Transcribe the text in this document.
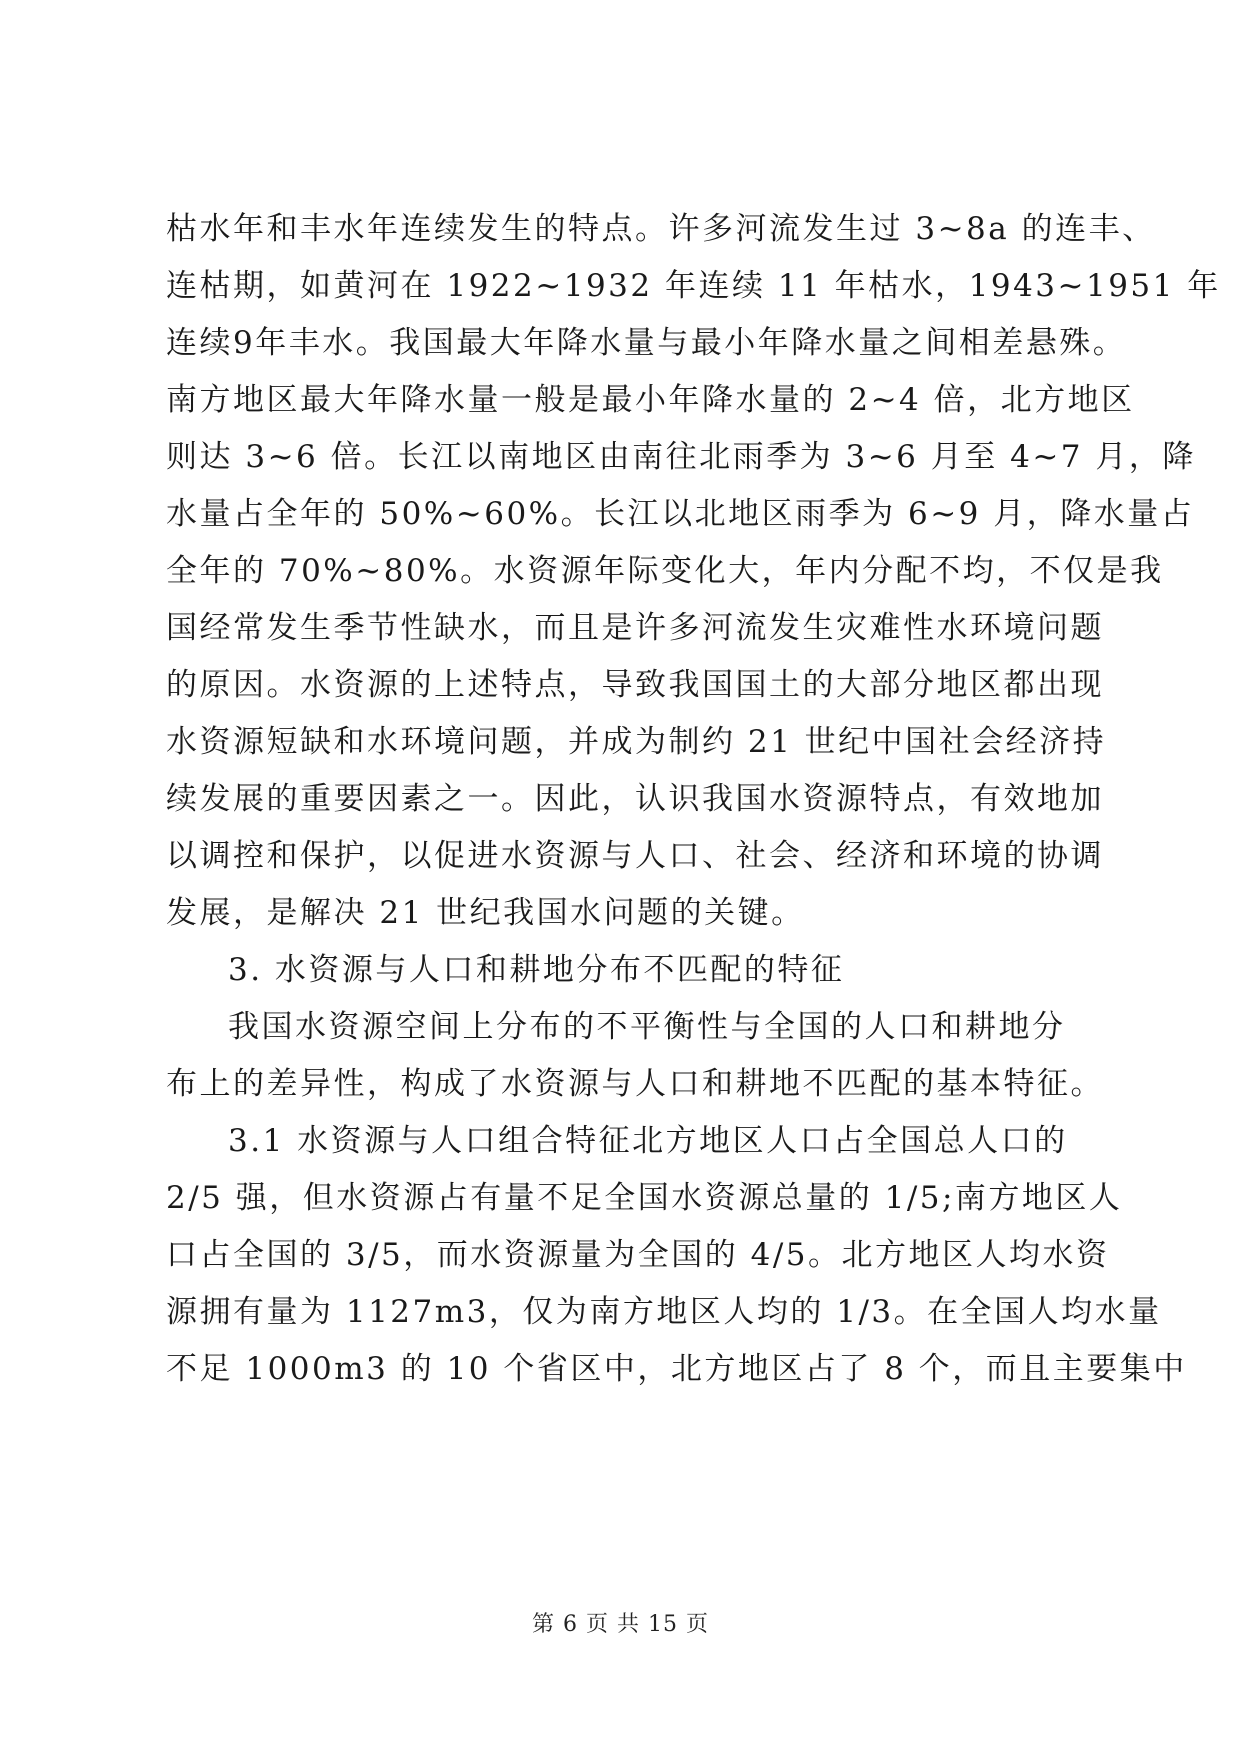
枯水年和丰水年连续发生的特点。许多河流发生过 3~8a 的连丰、
连枯期，如黄河在 1922~1932 年连续 11 年枯水，1943~1951 年
连续9年丰水。我国最大年降水量与最小年降水量之间相差悬殊。
南方地区最大年降水量一般是最小年降水量的 2~4 倍，北方地区
则达 3~6 倍。长江以南地区由南往北雨季为 3~6 月至 4~7 月，降
水量占全年的 50%~60%。长江以北地区雨季为 6~9 月，降水量占
全年的 70%~80%。水资源年际变化大，年内分配不均，不仅是我
国经常发生季节性缺水，而且是许多河流发生灾难性水环境问题
的原因。水资源的上述特点，导致我国国土的大部分地区都出现
水资源短缺和水环境问题，并成为制约 21 世纪中国社会经济持
续发展的重要因素之一。因此，认识我国水资源特点，有效地加
以调控和保护，以促进水资源与人口、社会、经济和环境的协调
发展，是解决 21 世纪我国水问题的关键。
3. 水资源与人口和耕地分布不匹配的特征
我国水资源空间上分布的不平衡性与全国的人口和耕地分
布上的差异性，构成了水资源与人口和耕地不匹配的基本特征。
3.1 水资源与人口组合特征北方地区人口占全国总人口的
2/5 强，但水资源占有量不足全国水资源总量的 1/5;南方地区人
口占全国的 3/5，而水资源量为全国的 4/5。北方地区人均水资
源拥有量为 1127m3，仅为南方地区人均的 1/3。在全国人均水量
不足 1000m3 的 10 个省区中，北方地区占了 8 个，而且主要集中
第 6 页 共 15 页
